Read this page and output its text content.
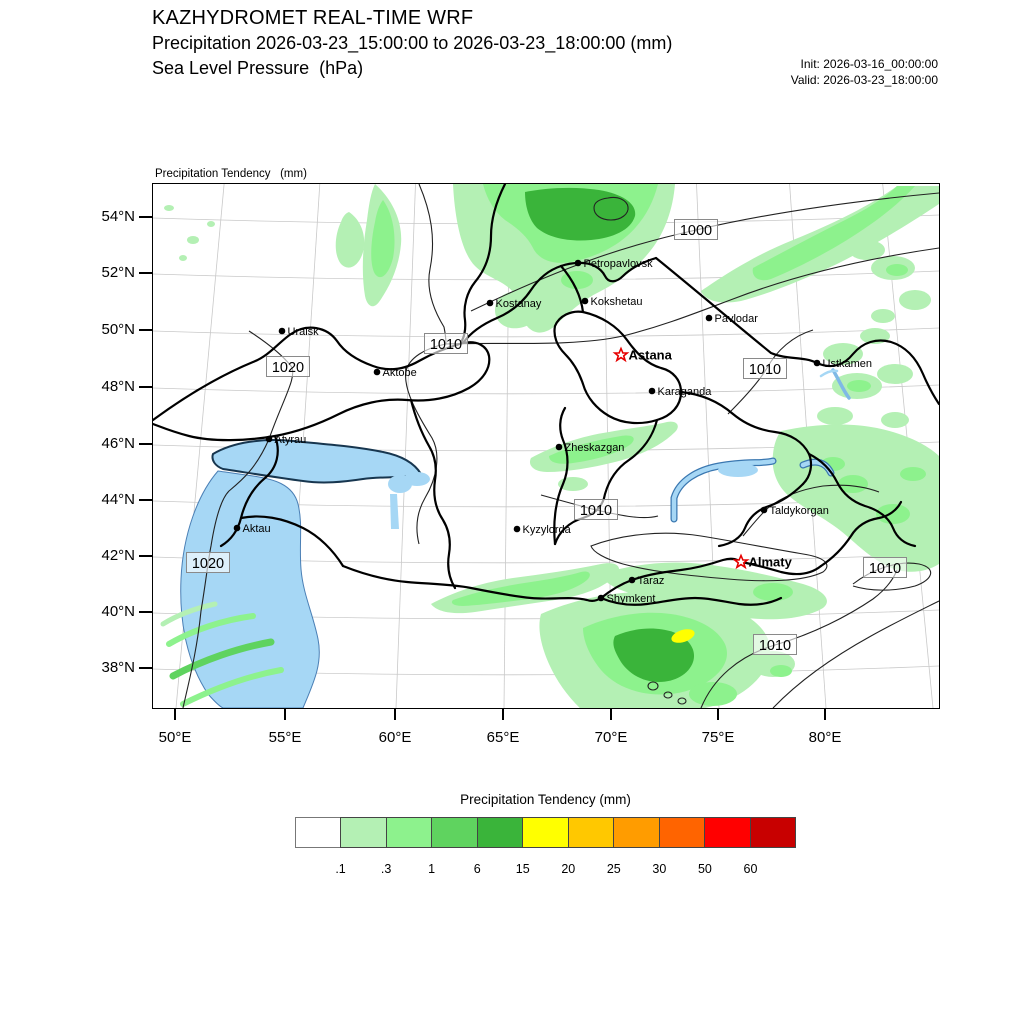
KAZHYDROMET REAL-TIME WRF
Precipitation 2026-03-23_15:00:00 to 2026-03-23_18:00:00 (mm)
Sea Level Pressure  (hPa)	Init: 2026-03-16_00:00:00
Valid: 2026-03-23_18:00:00

Precipitation Tendency   (mm)

1000
1010
1020	1010
1010
1020	1010
1010
Petropavlovsk
Kostanay	Kokshetau
Pavlodar
Uralsk
Astana
Aktobe
Ustkamen
Karaganda
Atyrau
Zheskazgan
Aktau	Kyzylorda
Taldykorgan
Almaty
Taraz
Shymkent
54°N
52°N
50°N
48°N
46°N
44°N
42°N
40°N
38°N
50°E	55°E	60°E	65°E	70°E	75°E	80°E
Precipitation Tendency (mm)
.1	.3	1	6	15	20	25	30	50	60
